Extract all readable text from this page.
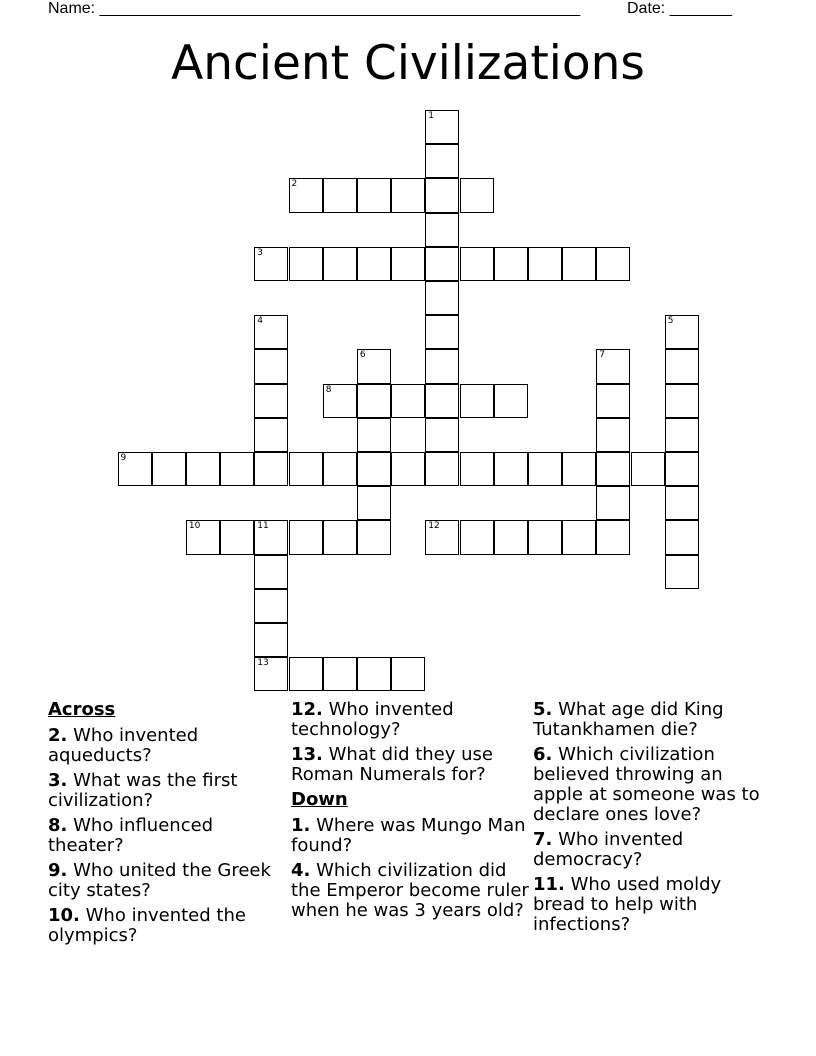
Name: ______________________________________________________	Date: _______
Ancient Civilizations
1
2
3
4	5
6	7
8
9
10	11
13
12
Across
2. Who invented aqueducts?
3. What was the first civilization?
8. Who influenced theater?
9. Who united the Greek city states?
10. Who invented the olympics?
12. Who invented technology?
13. What did they use Roman Numerals for?
Down
1. Where was Mungo Man found?
4. Which civilization did the Emperor become ruler when he was 3 years old?
5. What age did King Tutankhamen die?
6. Which civilization believed throwing an apple at someone was to declare ones love?
7. Who invented democracy?
11. Who used moldy bread to help with infections?
